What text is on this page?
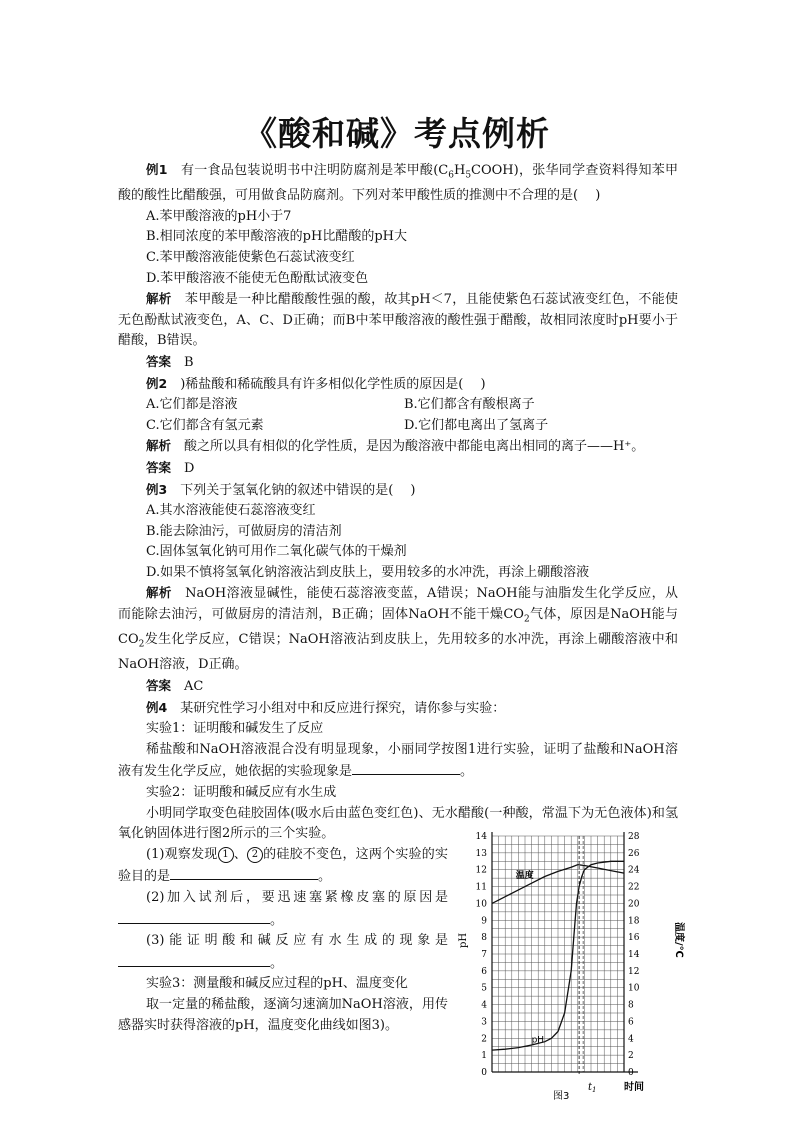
《酸和碱》考点例析

例1　 有一食品包装说明书中注明防腐剂是苯甲酸$(C_6H_5COOH)$，张华同学查资料得知苯甲酸的酸性比醋酸强，可用做食品防腐剂。下列对苯甲酸性质的推测中不合理的是(　 )

A.苯甲酸溶液的pH小于7

B.相同浓度的苯甲酸溶液的pH比醋酸的pH大

C.苯甲酸溶液能使紫色石蕊试液变红

D.苯甲酸溶液不能使无色酚酞试液变色

解析　 苯甲酸是一种比醋酸酸性强的酸，故其pH＜7，且能使紫色石蕊试液变红色，不能使无色酚酞试液变色，A、C、D正确；而B中苯甲酸溶液的酸性强于醋酸，故相同浓度时pH要小于醋酸，B错误。

答案　 B

例2　 )稀盐酸和稀硫酸具有许多相似化学性质的原因是(　 )

A.它们都是溶液	B.它们都含有酸根离子
C.它们都含有氢元素	D.它们都电离出了氢离子

解析　 酸之所以具有相似的化学性质，是因为酸溶液中都能电离出相同的离子——H⁺。

答案　 D

例3　 下列关于氢氧化钠的叙述中错误的是(　 )

A.其水溶液能使石蕊溶液变红

B.能去除油污，可做厨房的清洁剂

C.固体氢氧化钠可用作二氧化碳气体的干燥剂

D.如果不慎将氢氧化钠溶液沾到皮肤上，要用较多的水冲洗，再涂上硼酸溶液

解析　 NaOH溶液显碱性，能使石蕊溶液变蓝，A错误；NaOH能与油脂发生化学反应，从而能除去油污，可做厨房的清洁剂，B正确；固体NaOH不能干燥$CO_2$气体，原因是NaOH能与$CO_2$发生化学反应，C错误；NaOH溶液沾到皮肤上，先用较多的水冲洗，再涂上硼酸溶液中和NaOH溶液，D正确。

答案　 AC

例4　 某研究性学习小组对中和反应进行探究，请你参与实验：

实验1：证明酸和碱发生了反应

稀盐酸和NaOH溶液混合没有明显现象，小丽同学按图1进行实验，证明了盐酸和NaOH溶液有发生化学反应，她依据的实验现象是	。

实验2：证明酸和碱反应有水生成

小明同学取变色硅胶固体(吸水后由蓝色变红色)、无水醋酸(一种酸，常温下为无色液体)和氢氧化钠固体进行图2所示的三个实验。

(1)观察发现 1 、 2 的硅胶不变色，这两个实验的实验目的是	。

(2)加入试剂后，要迅速塞紧橡皮塞的原因是。

(3)能证明酸和碱反应有水生成的现象是。

实验3：测量酸和碱反应过程的pH、温度变化

取一定量的稀盐酸，逐滴匀速滴加NaOH溶液，用传感器实时获得溶液的pH，温度变化曲线如图3)。

0
1
2
3
4
5
6
7
8
9
10
11
12
13
14
0
2
4
6
8
10
12
14
16
18
20
22
24
26
28
pH	温度/℃
时间
图3
$t_1$
温度
pH
